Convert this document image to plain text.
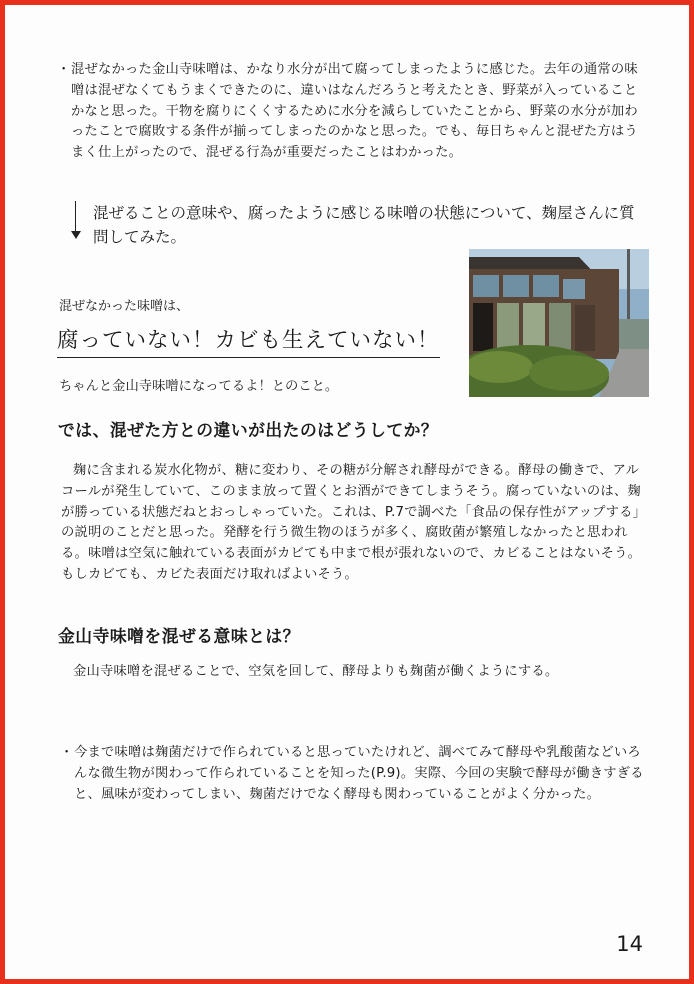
・ 混ぜなかった金山寺味噌は、かなり水分が出て腐ってしまったように感じた。去年の通常の味噌は混ぜなくてもうまくできたのに、違いはなんだろうと考えたとき、野菜が入っていることかなと思った。干物を腐りにくくするために水分を減らしていたことから、野菜の水分が加わったことで腐敗する条件が揃ってしまったのかなと思った。でも、毎日ちゃんと混ぜた方はうまく仕上がったので、混ぜる行為が重要だったことはわかった。

混ぜることの意味や、腐ったように感じる味噌の状態について、麹屋さんに質問してみた。

混ぜなかった味噌は、

腐っていない！カビも生えていない！

ちゃんと金山寺味噌になってるよ！とのこと。

では、混ぜた方との違いが出たのはどうしてか？

麹に含まれる炭水化物が、糖に変わり、その糖が分解され酵母ができる。酵母の働きで、アルコールが発生していて、このまま放って置くとお酒ができてしまうそう。腐っていないのは、麹が勝っている状態だねとおっしゃっていた。これは、P.7で調べた「食品の保存性がアップする」の説明のことだと思った。発酵を行う微生物のほうが多く、腐敗菌が繁殖しなかったと思われる。味噌は空気に触れている表面がカビても中まで根が張れないので、カビることはないそう。もしカビても、カビた表面だけ取ればよいそう。

金山寺味噌を混ぜる意味とは？

金山寺味噌を混ぜることで、空気を回して、酵母よりも麹菌が働くようにする。

・ 今まで味噌は麹菌だけで作られていると思っていたけれど、調べてみて酵母や乳酸菌などいろんな微生物が関わって作られていることを知った(P.9)。実際、今回の実験で酵母が働きすぎると、風味が変わってしまい、麹菌だけでなく酵母も関わっていることがよく分かった。

14
